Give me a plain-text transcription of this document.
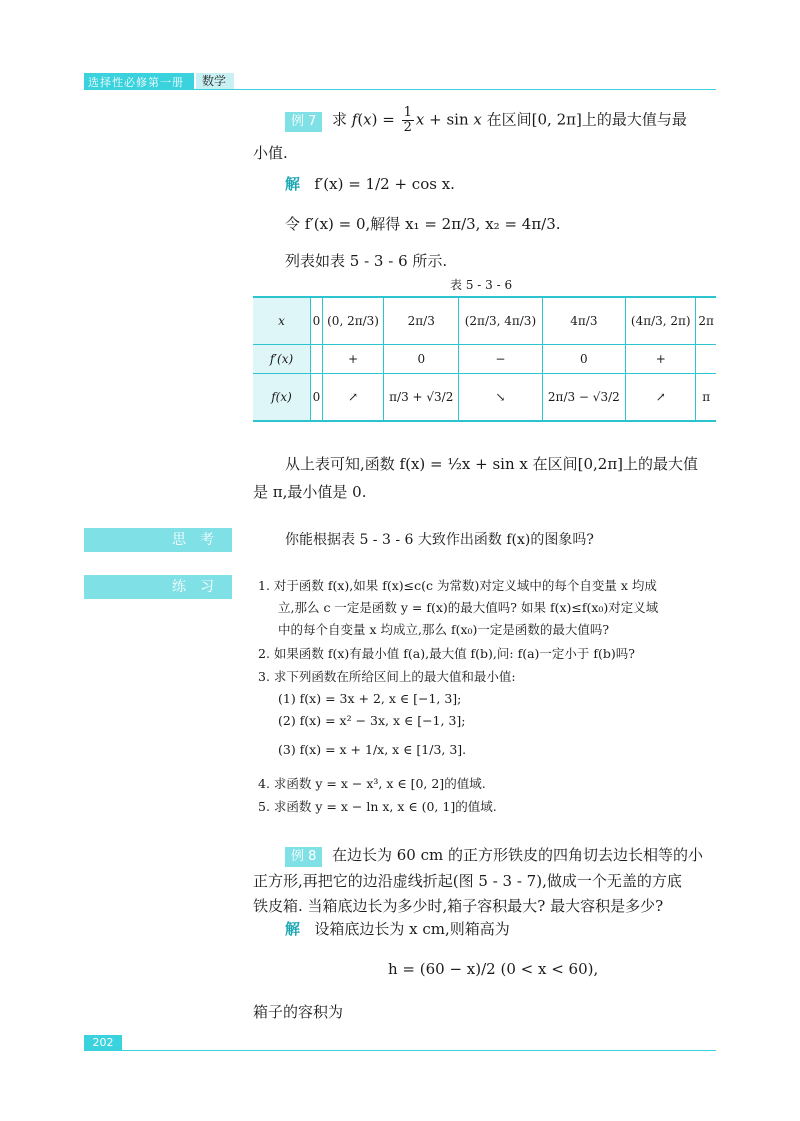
选择性必修第一册	数学
例 7 求 $f(x) = \frac{1}{2}$ x + sin x 在区间[0, 2π]上的最大值与最
小值.
解 f′(x) = 1/2 + cos x.
令 f′(x) = 0,解得 x₁ = 2π/3, x₂ = 4π/3.
列表如表 5 - 3 - 6 所示.
表 5 - 3 - 6
x	0	(0, 2π/3)	2π/3	(2π/3, 4π/3)	4π/3	(4π/3, 2π)	2π
f′(x)		+	0	−	0	+	
f(x)	0	↗	π/3 + √3/2	↘	2π/3 − √3/2	↗	π
从上表可知,函数 f(x) = ½x + sin x 在区间[0,2π]上的最大值
是 π,最小值是 0.
思考	你能根据表 5 - 3 - 6 大致作出函数 f(x)的图象吗?
练习	1. 对于函数 f(x),如果 f(x)≤c(c 为常数)对定义域中的每个自变量 x 均成
立,那么 c 一定是函数 y = f(x)的最大值吗? 如果 f(x)≤f(x₀)对定义域
中的每个自变量 x 均成立,那么 f(x₀)一定是函数的最大值吗?
2. 如果函数 f(x)有最小值 f(a),最大值 f(b),问: f(a)一定小于 f(b)吗?
3. 求下列函数在所给区间上的最大值和最小值:
(1) f(x) = 3x + 2, x ∈ [−1, 3];
(2) f(x) = x² − 3x, x ∈ [−1, 3];
(3) f(x) = x + 1/x, x ∈ [1/3, 3].
4. 求函数 y = x − x³, x ∈ [0, 2]的值域.
5. 求函数 y = x − ln x, x ∈ (0, 1]的值域.
例 8 在边长为 60 cm 的正方形铁皮的四角切去边长相等的小
正方形,再把它的边沿虚线折起(图 5 - 3 - 7),做成一个无盖的方底
铁皮箱. 当箱底边长为多少时,箱子容积最大? 最大容积是多少?
解 设箱底边长为 x cm,则箱高为
h = (60 − x)/2 (0 < x < 60),
箱子的容积为
202
